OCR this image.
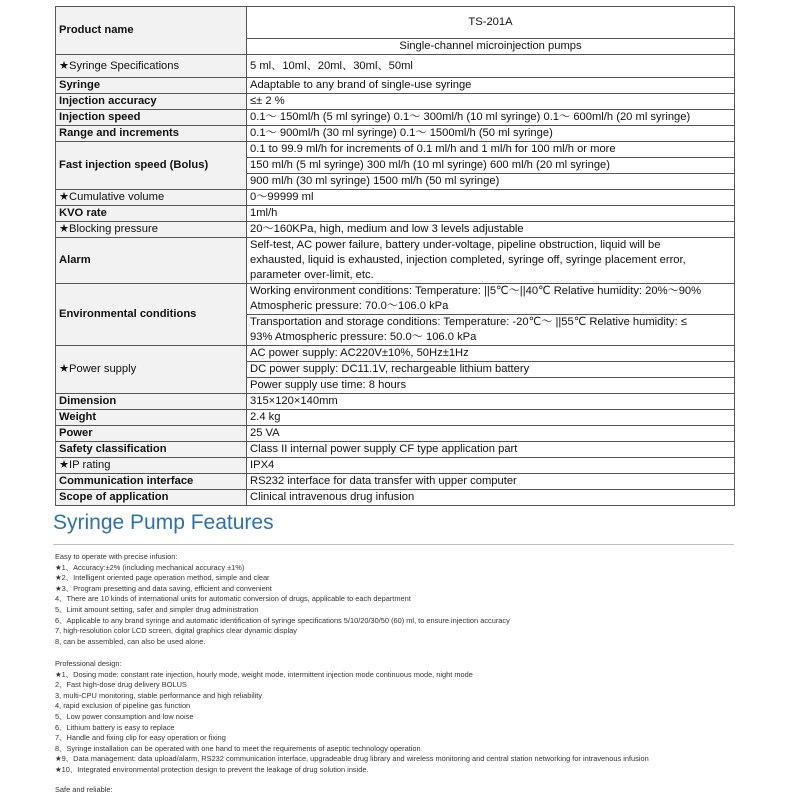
Product name	TS-201A
	Single-channel microinjection pumps
★Syringe Specifications	5 ml、10ml、20ml、30ml、50ml
Syringe	Adaptable to any brand of single-use syringe
Injection accuracy	≤± 2 %
Injection speed	0.1～ 150ml/h (5 ml syringe) 0.1～ 300ml/h (10 ml syringe) 0.1～ 600ml/h (20 ml syringe)
Range and increments	0.1～ 900ml/h (30 ml syringe) 0.1～ 1500ml/h (50 ml syringe)
Fast injection speed (Bolus)	0.1 to 99.9 ml/h for increments of 0.1 ml/h and 1 ml/h for 100 ml/h or more
	150 ml/h (5 ml syringe) 300 ml/h (10 ml syringe) 600 ml/h (20 ml syringe)
	900 ml/h (30 ml syringe) 1500 ml/h (50 ml syringe)
★Cumulative volume	0～99999 ml
KVO rate	1ml/h
★Blocking pressure	20～160KPa, high, medium and low 3 levels adjustable
Alarm	Self-test, AC power failure, battery under-voltage, pipeline obstruction, liquid will be
exhausted, liquid is exhausted, injection completed, syringe off, syringe placement error,
parameter over-limit, etc.

Environmental conditions	Working environment conditions: Temperature: ||5℃～||40℃ Relative humidity: 20%～90%
Atmospheric pressure: 70.0～106.0 kPa

	Transportation and storage conditions: Temperature: -20℃～ ||55℃ Relative humidity: ≤
93% Atmospheric pressure: 50.0～ 106.0 kPa

★Power supply	AC power supply: AC220V±10%, 50Hz±1Hz
	DC power supply: DC11.1V, rechargeable lithium battery
	Power supply use time: 8 hours
Dimension	315×120×140mm
Weight	2.4 kg
Power	25 VA
Safety classification	Class II internal power supply CF type application part
★IP rating	IPX4
Communication interface	RS232 interface for data transfer with upper computer
Scope of application	Clinical intravenous drug infusion
Syringe Pump Features
Easy to operate with precise infusion:
★1、Accuracy:±2% (including mechanical accuracy ±1%)
★2、Intelligent oriented page operation method, simple and clear
★3、Program presetting and data saving, efficient and convenient
4、There are 10 kinds of international units for automatic conversion of drugs, applicable to each department
5、Limit amount setting, safer and simpler drug administration
6、Applicable to any brand syringe and automatic identification of syringe specifications 5/10/20/30/50 (60) ml, to ensure injection accuracy
7, high-resolution color LCD screen, digital graphics clear dynamic display
8, can be assembled, can also be used alone.
Professional design:
★1、Dosing mode: constant rate injection, hourly mode, weight mode, intermittent injection mode continuous mode, night mode
2、Fast high-dose drug delivery BOLUS
3, multi-CPU monitoring, stable performance and high reliability
4, rapid exclusion of pipeline gas function
5、Low power consumption and low noise
6、Lithium battery is easy to replace
7、Handle and fixing clip for easy operation or fixing
8、Syringe installation can be operated with one hand to meet the requirements of aseptic technology operation
★9、Data management: data upload/alarm, RS232 communication interface, upgradeable drug library and wireless monitoring and central station networking for intravenous infusion
★10、Integrated environmental protection design to prevent the leakage of drug solution inside.
Safe and reliable:
